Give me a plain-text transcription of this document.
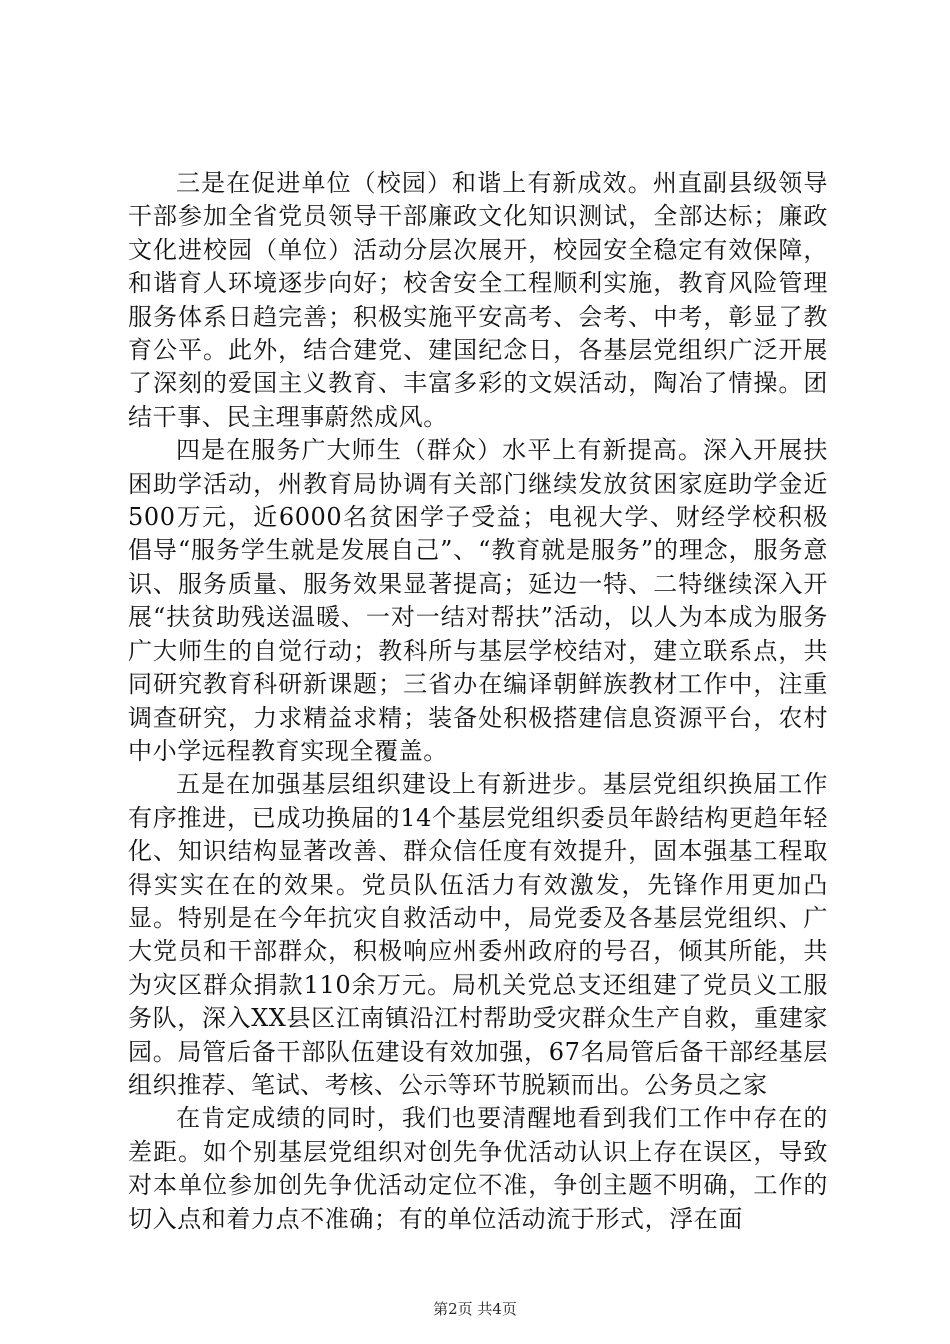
三是在促进单位（校园）和谐上有新成效。州直副县级领导干部参加全省党员领导干部廉政文化知识测试，全部达标；廉政文化进校园（单位）活动分层次展开，校园安全稳定有效保障，和谐育人环境逐步向好；校舍安全工程顺利实施，教育风险管理服务体系日趋完善；积极实施平安高考、会考、中考，彰显了教育公平。此外，结合建党、建国纪念日，各基层党组织广泛开展了深刻的爱国主义教育、丰富多彩的文娱活动，陶冶了情操。团结干事、民主理事蔚然成风。

四是在服务广大师生（群众）水平上有新提高。深入开展扶困助学活动，州教育局协调有关部门继续发放贫困家庭助学金近500万元，近6000名贫困学子受益；电视大学、财经学校积极倡导“服务学生就是发展自己”、“教育就是服务”的理念，服务意识、服务质量、服务效果显著提高；延边一特、二特继续深入开展“扶贫助残送温暖、一对一结对帮扶”活动，以人为本成为服务广大师生的自觉行动；教科所与基层学校结对，建立联系点，共同研究教育科研新课题；三省办在编译朝鲜族教材工作中，注重调查研究，力求精益求精；装备处积极搭建信息资源平台，农村中小学远程教育实现全覆盖。

五是在加强基层组织建设上有新进步。基层党组织换届工作有序推进，已成功换届的14个基层党组织委员年龄结构更趋年轻化、知识结构显著改善、群众信任度有效提升，固本强基工程取得实实在在的效果。党员队伍活力有效激发，先锋作用更加凸显。特别是在今年抗灾自救活动中，局党委及各基层党组织、广大党员和干部群众，积极响应州委州政府的号召，倾其所能，共为灾区群众捐款110余万元。局机关党总支还组建了党员义工服务队，深入XX县区江南镇沿江村帮助受灾群众生产自救，重建家园。局管后备干部队伍建设有效加强，67名局管后备干部经基层组织推荐、笔试、考核、公示等环节脱颖而出。公务员之家

在肯定成绩的同时，我们也要清醒地看到我们工作中存在的差距。如个别基层党组织对创先争优活动认识上存在误区，导致对本单位参加创先争优活动定位不准，争创主题不明确，工作的切入点和着力点不准确；有的单位活动流于形式，浮在面

第2页 共4页
